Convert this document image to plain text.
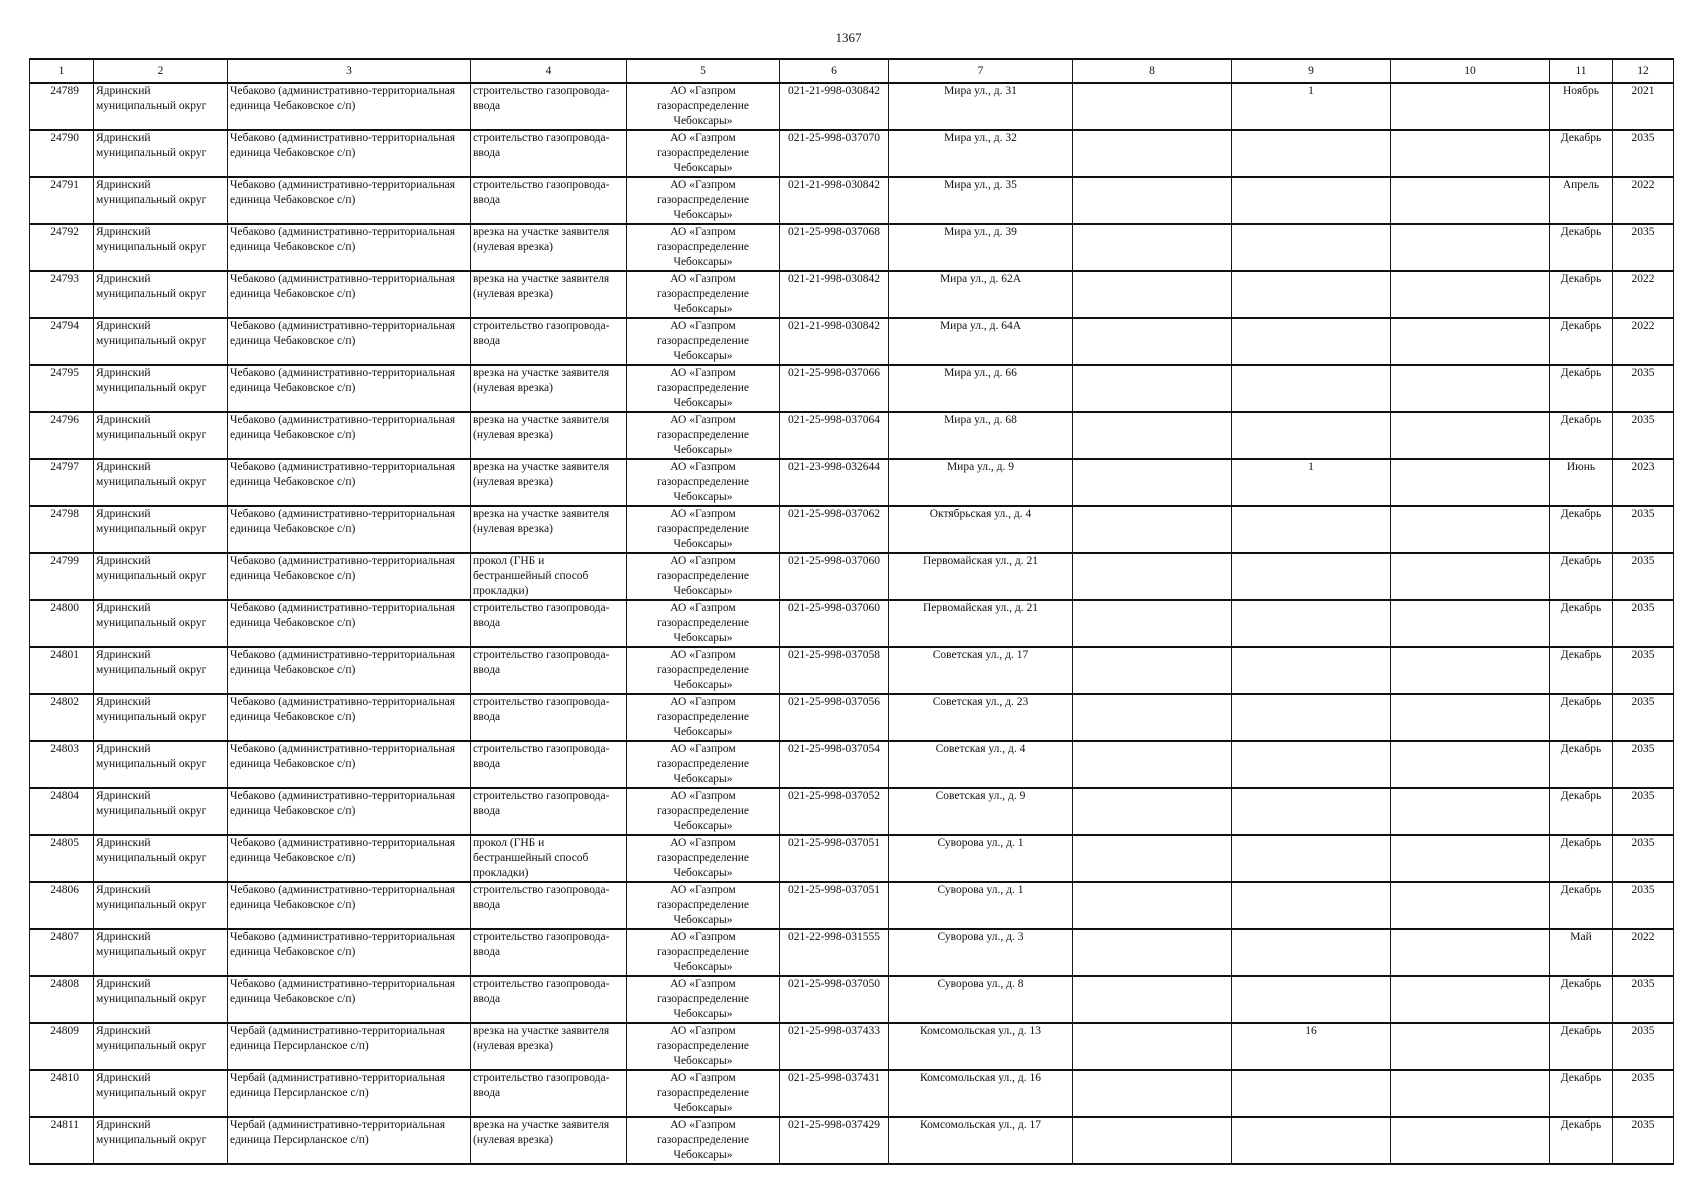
1367
1	2	3	4	5	6	7	8	9	10	11	12
24789	Ядринский муниципальный округ	Чебаково (административно-территориальная единица Чебаковское с/п)	строительство газопровода-ввода	АО «Газпром газораспределение Чебоксары»	021-21-998-030842	Мира ул., д. 31		1		Ноябрь	2021
24790	Ядринский муниципальный округ	Чебаково (административно-территориальная единица Чебаковское с/п)	строительство газопровода-ввода	АО «Газпром газораспределение Чебоксары»	021-25-998-037070	Мира ул., д. 32				Декабрь	2035
24791	Ядринский муниципальный округ	Чебаково (административно-территориальная единица Чебаковское с/п)	строительство газопровода-ввода	АО «Газпром газораспределение Чебоксары»	021-21-998-030842	Мира ул., д. 35				Апрель	2022
24792	Ядринский муниципальный округ	Чебаково (административно-территориальная единица Чебаковское с/п)	врезка на участке заявителя (нулевая врезка)	АО «Газпром газораспределение Чебоксары»	021-25-998-037068	Мира ул., д. 39				Декабрь	2035
24793	Ядринский муниципальный округ	Чебаково (административно-территориальная единица Чебаковское с/п)	врезка на участке заявителя (нулевая врезка)	АО «Газпром газораспределение Чебоксары»	021-21-998-030842	Мира ул., д. 62А				Декабрь	2022
24794	Ядринский муниципальный округ	Чебаково (административно-территориальная единица Чебаковское с/п)	строительство газопровода-ввода	АО «Газпром газораспределение Чебоксары»	021-21-998-030842	Мира ул., д. 64А				Декабрь	2022
24795	Ядринский муниципальный округ	Чебаково (административно-территориальная единица Чебаковское с/п)	врезка на участке заявителя (нулевая врезка)	АО «Газпром газораспределение Чебоксары»	021-25-998-037066	Мира ул., д. 66				Декабрь	2035
24796	Ядринский муниципальный округ	Чебаково (административно-территориальная единица Чебаковское с/п)	врезка на участке заявителя (нулевая врезка)	АО «Газпром газораспределение Чебоксары»	021-25-998-037064	Мира ул., д. 68				Декабрь	2035
24797	Ядринский муниципальный округ	Чебаково (административно-территориальная единица Чебаковское с/п)	врезка на участке заявителя (нулевая врезка)	АО «Газпром газораспределение Чебоксары»	021-23-998-032644	Мира ул., д. 9		1		Июнь	2023
24798	Ядринский муниципальный округ	Чебаково (административно-территориальная единица Чебаковское с/п)	врезка на участке заявителя (нулевая врезка)	АО «Газпром газораспределение Чебоксары»	021-25-998-037062	Октябрьская ул., д. 4				Декабрь	2035
24799	Ядринский муниципальный округ	Чебаково (административно-территориальная единица Чебаковское с/п)	прокол (ГНБ и бестраншейный способ прокладки)	АО «Газпром газораспределение Чебоксары»	021-25-998-037060	Первомайская ул., д. 21				Декабрь	2035
24800	Ядринский муниципальный округ	Чебаково (административно-территориальная единица Чебаковское с/п)	строительство газопровода-ввода	АО «Газпром газораспределение Чебоксары»	021-25-998-037060	Первомайская ул., д. 21				Декабрь	2035
24801	Ядринский муниципальный округ	Чебаково (административно-территориальная единица Чебаковское с/п)	строительство газопровода-ввода	АО «Газпром газораспределение Чебоксары»	021-25-998-037058	Советская ул., д. 17				Декабрь	2035
24802	Ядринский муниципальный округ	Чебаково (административно-территориальная единица Чебаковское с/п)	строительство газопровода-ввода	АО «Газпром газораспределение Чебоксары»	021-25-998-037056	Советская ул., д. 23				Декабрь	2035
24803	Ядринский муниципальный округ	Чебаково (административно-территориальная единица Чебаковское с/п)	строительство газопровода-ввода	АО «Газпром газораспределение Чебоксары»	021-25-998-037054	Советская ул., д. 4				Декабрь	2035
24804	Ядринский муниципальный округ	Чебаково (административно-территориальная единица Чебаковское с/п)	строительство газопровода-ввода	АО «Газпром газораспределение Чебоксары»	021-25-998-037052	Советская ул., д. 9				Декабрь	2035
24805	Ядринский муниципальный округ	Чебаково (административно-территориальная единица Чебаковское с/п)	прокол (ГНБ и бестраншейный способ прокладки)	АО «Газпром газораспределение Чебоксары»	021-25-998-037051	Суворова ул., д. 1				Декабрь	2035
24806	Ядринский муниципальный округ	Чебаково (административно-территориальная единица Чебаковское с/п)	строительство газопровода-ввода	АО «Газпром газораспределение Чебоксары»	021-25-998-037051	Суворова ул., д. 1				Декабрь	2035
24807	Ядринский муниципальный округ	Чебаково (административно-территориальная единица Чебаковское с/п)	строительство газопровода-ввода	АО «Газпром газораспределение Чебоксары»	021-22-998-031555	Суворова ул., д. 3				Май	2022
24808	Ядринский муниципальный округ	Чебаково (административно-территориальная единица Чебаковское с/п)	строительство газопровода-ввода	АО «Газпром газораспределение Чебоксары»	021-25-998-037050	Суворова ул., д. 8				Декабрь	2035
24809	Ядринский муниципальный округ	Чербай (административно-территориальная единица Персирланское с/п)	врезка на участке заявителя (нулевая врезка)	АО «Газпром газораспределение Чебоксары»	021-25-998-037433	Комсомольская ул., д. 13		16		Декабрь	2035
24810	Ядринский муниципальный округ	Чербай (административно-территориальная единица Персирланское с/п)	строительство газопровода-ввода	АО «Газпром газораспределение Чебоксары»	021-25-998-037431	Комсомольская ул., д. 16				Декабрь	2035
24811	Ядринский муниципальный округ	Чербай (административно-территориальная единица Персирланское с/п)	врезка на участке заявителя (нулевая врезка)	АО «Газпром газораспределение Чебоксары»	021-25-998-037429	Комсомольская ул., д. 17				Декабрь	2035
